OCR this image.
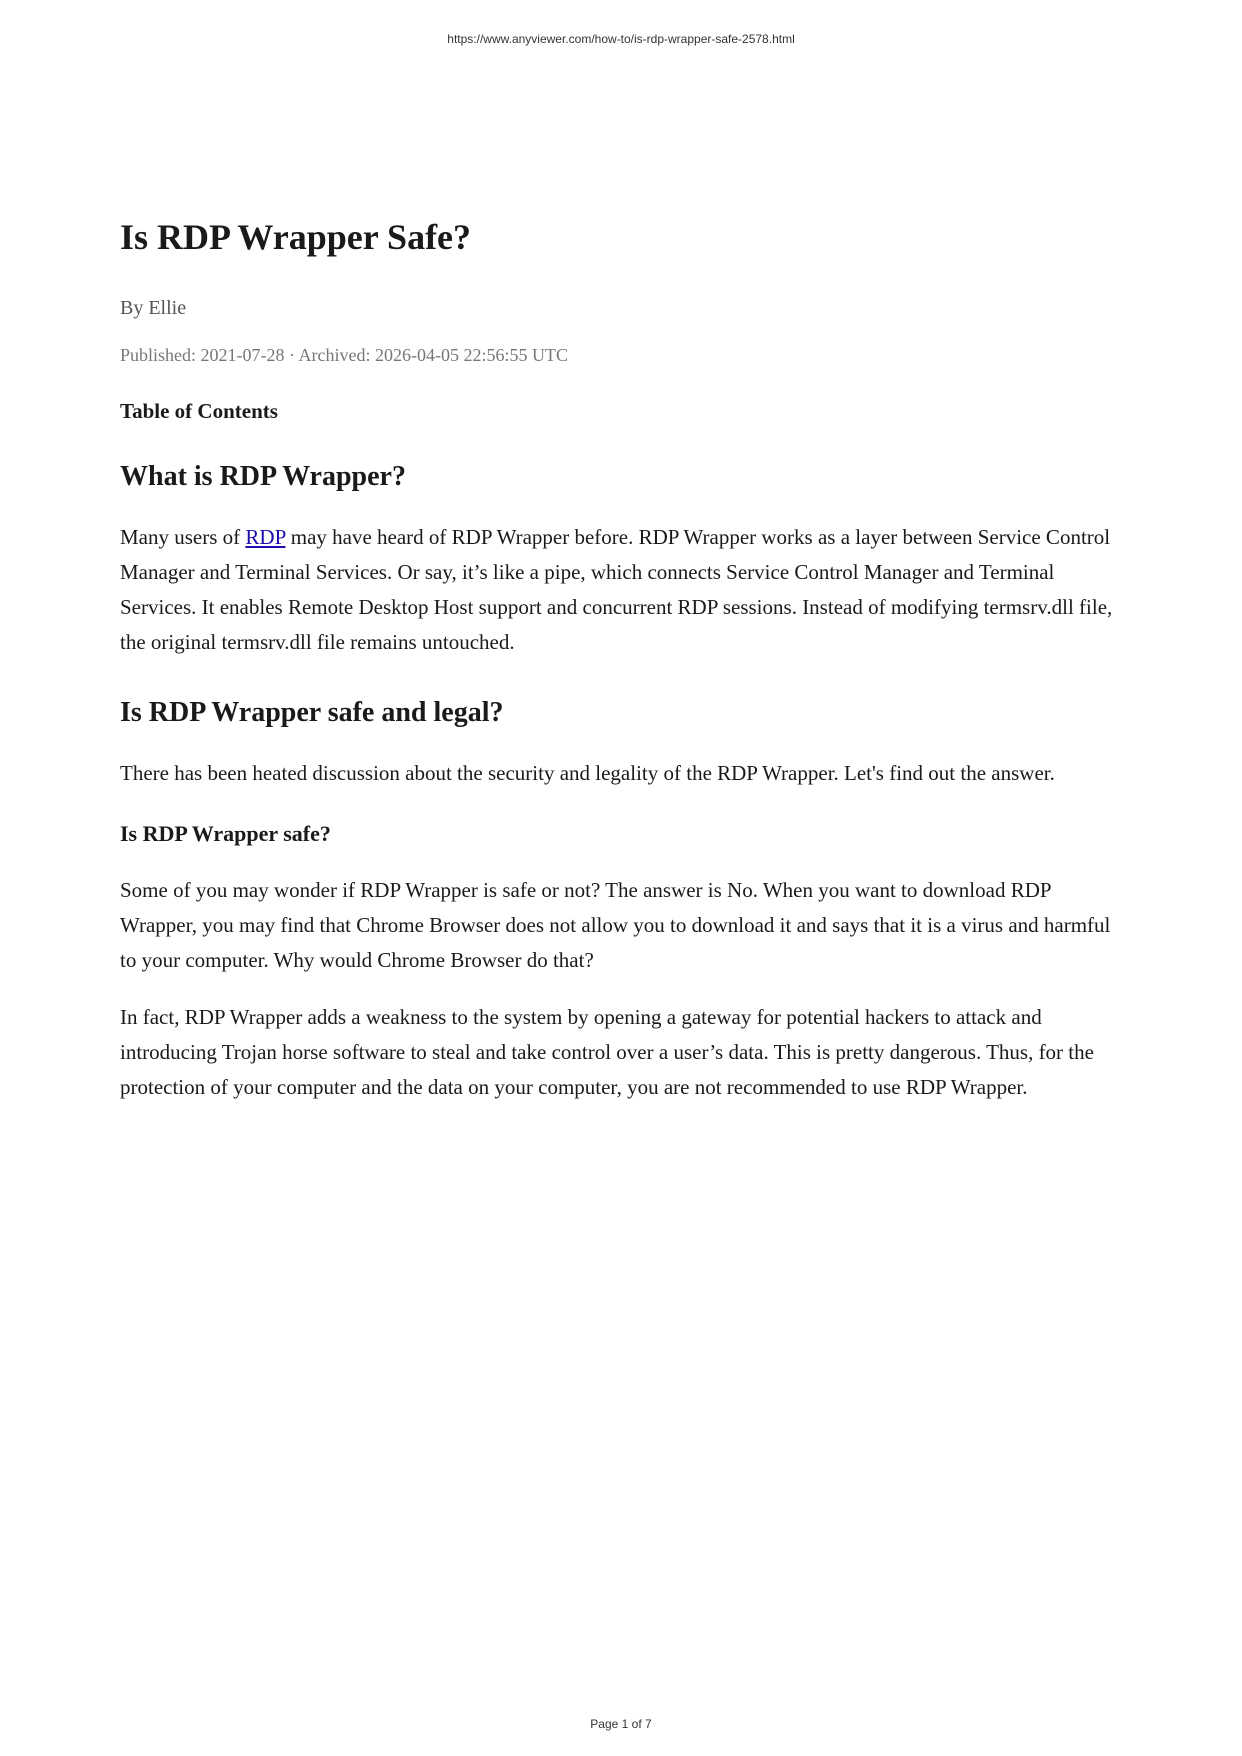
https://www.anyviewer.com/how-to/is-rdp-wrapper-safe-2578.html
Is RDP Wrapper Safe?
By Ellie
Published: 2021-07-28 · Archived: 2026-04-05 22:56:55 UTC
Table of Contents
What is RDP Wrapper?

Many users of RDP may have heard of RDP Wrapper before. RDP Wrapper works as a layer between Service Control Manager and Terminal Services. Or say, it’s like a pipe, which connects Service Control Manager and Terminal Services. It enables Remote Desktop Host support and concurrent RDP sessions. Instead of modifying termsrv.dll file, the original termsrv.dll file remains untouched.

Is RDP Wrapper safe and legal?

There has been heated discussion about the security and legality of the RDP Wrapper. Let's find out the answer.

Is RDP Wrapper safe?

Some of you may wonder if RDP Wrapper is safe or not? The answer is No. When you want to download RDP Wrapper, you may find that Chrome Browser does not allow you to download it and says that it is a virus and harmful to your computer. Why would Chrome Browser do that?

In fact, RDP Wrapper adds a weakness to the system by opening a gateway for potential hackers to attack and introducing Trojan horse software to steal and take control over a user’s data. This is pretty dangerous. Thus, for the protection of your computer and the data on your computer, you are not recommended to use RDP Wrapper.

Page 1 of 7
